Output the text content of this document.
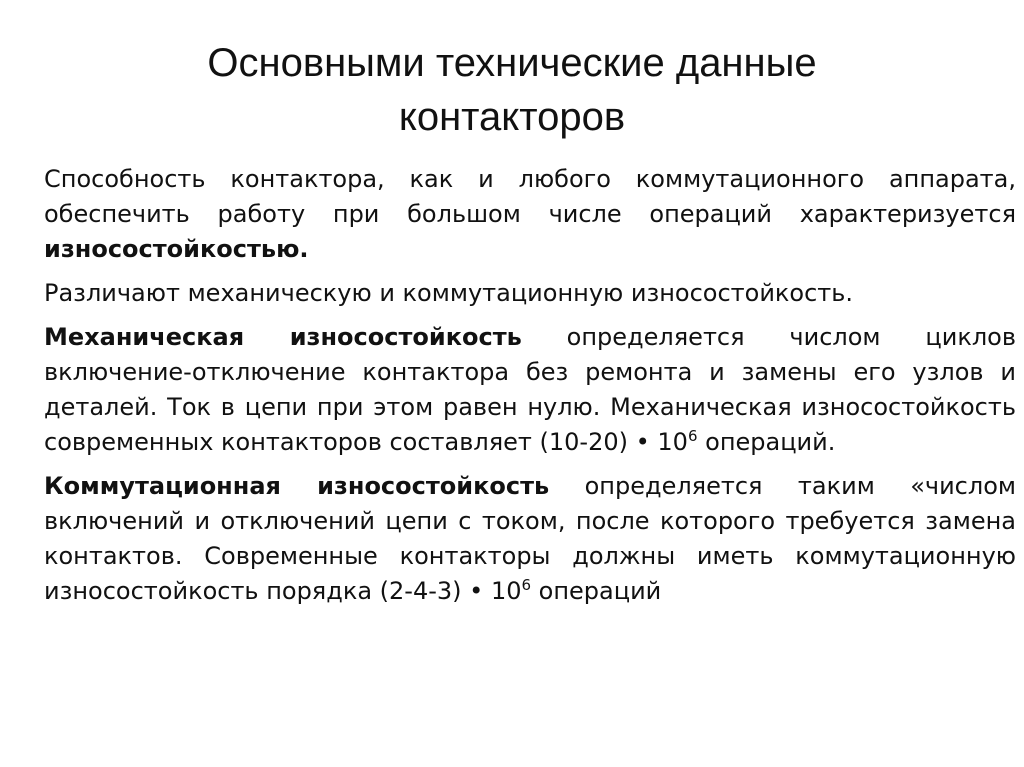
Основными технические данные
контакторов

Способность контактора, как и любого коммутационного аппарата, обеспечить работу при большом числе операций характеризуется износостойкостью.

Различают механическую и коммутационную износостойкость.

Механическая износостойкость определяется числом циклов включение-отключение контактора без ремонта и замены его узлов и деталей. Ток в цепи при этом равен нулю. Механическая износостойкость современных контакторов составляет (10-20) • $10^6$ операций.

Коммутационная износостойкость определяется таким «числом включений и отключений цепи с током, после которого требуется замена контактов. Современные контакторы должны иметь коммутационную износостойкость порядка (2-4-3) • $10^6$ операций
